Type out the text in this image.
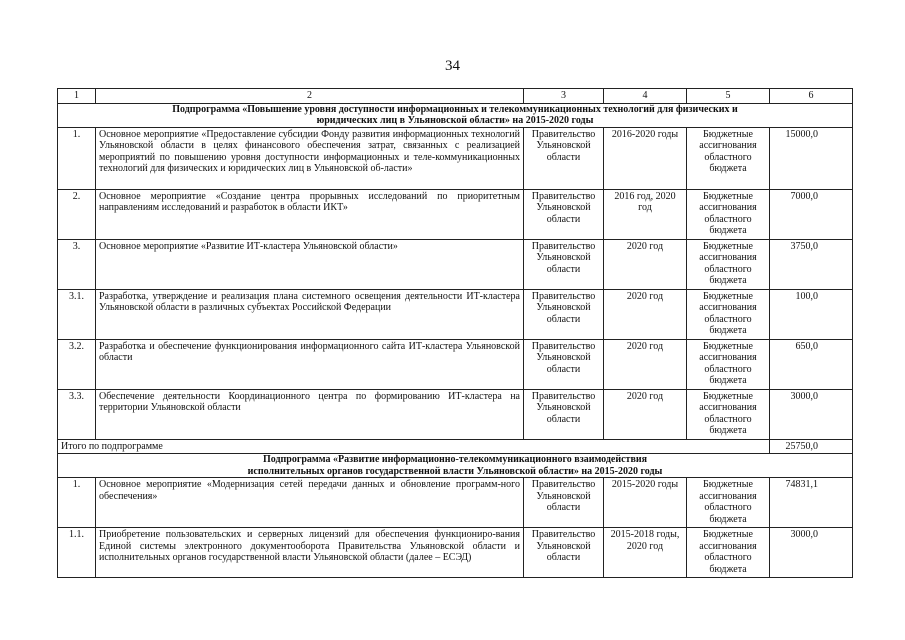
34
1	2	3	4	5	6
Подпрограмма «Повышение уровня доступности информационных и телекоммуникационных технологий для физических и юридических лиц в Ульяновской области» на 2015-2020 годы					
1.	Основное мероприятие «Предоставление субсидии Фонду развития информационных технологий Ульяновской области в целях финансового обеспечения затрат, связанных с реализацией мероприятий по повышению уровня доступности информационных и теле-коммуникационных технологий для физических и юридических лиц в Ульяновской об-ласти»	Правительство Ульяновской области	2016-2020 годы	Бюджетные ассигнования областного бюджета	15000,0
2.	Основное мероприятие «Создание центра прорывных исследований по приоритетным направлениям исследований и разработок в области ИКТ»	Правительство Ульяновской области	2016 год, 2020 год	Бюджетные ассигнования областного бюджета	7000,0
3.	Основное мероприятие «Развитие ИТ-кластера Ульяновской области»	Правительство Ульяновской области	2020 год	Бюджетные ассигнования областного бюджета	3750,0
3.1.	Разработка, утверждение и реализация плана системного освещения деятельности ИТ-кластера Ульяновской области в различных субъектах Российской Федерации	Правительство Ульяновской области	2020 год	Бюджетные ассигнования областного бюджета	100,0
3.2.	Разработка и обеспечение функционирования информационного сайта ИТ-кластера Ульяновской области	Правительство Ульяновской области	2020 год	Бюджетные ассигнования областного бюджета	650,0
3.3.	Обеспечение деятельности Координационного центра по формированию ИТ-кластера на территории Ульяновской области	Правительство Ульяновской области	2020 год	Бюджетные ассигнования областного бюджета	3000,0
Итого по подпрограмме					25750,0
Подпрограмма «Развитие информационно-телекоммуникационного взаимодействия исполнительных органов государственной власти Ульяновской области» на 2015-2020 годы					
1.	Основное мероприятие «Модернизация сетей передачи данных и обновление программ-ного обеспечения»	Правительство Ульяновской области	2015-2020 годы	Бюджетные ассигнования областного бюджета	74831,1
1.1.	Приобретение пользовательских и серверных лицензий для обеспечения функциониро-вания Единой системы электронного документооборота Правительства Ульяновской области и исполнительных органов государственной власти Ульяновской области (далее – ЕСЭД)	Правительство Ульяновской области	2015-2018 годы, 2020 год	Бюджетные ассигнования областного бюджета	3000,0
